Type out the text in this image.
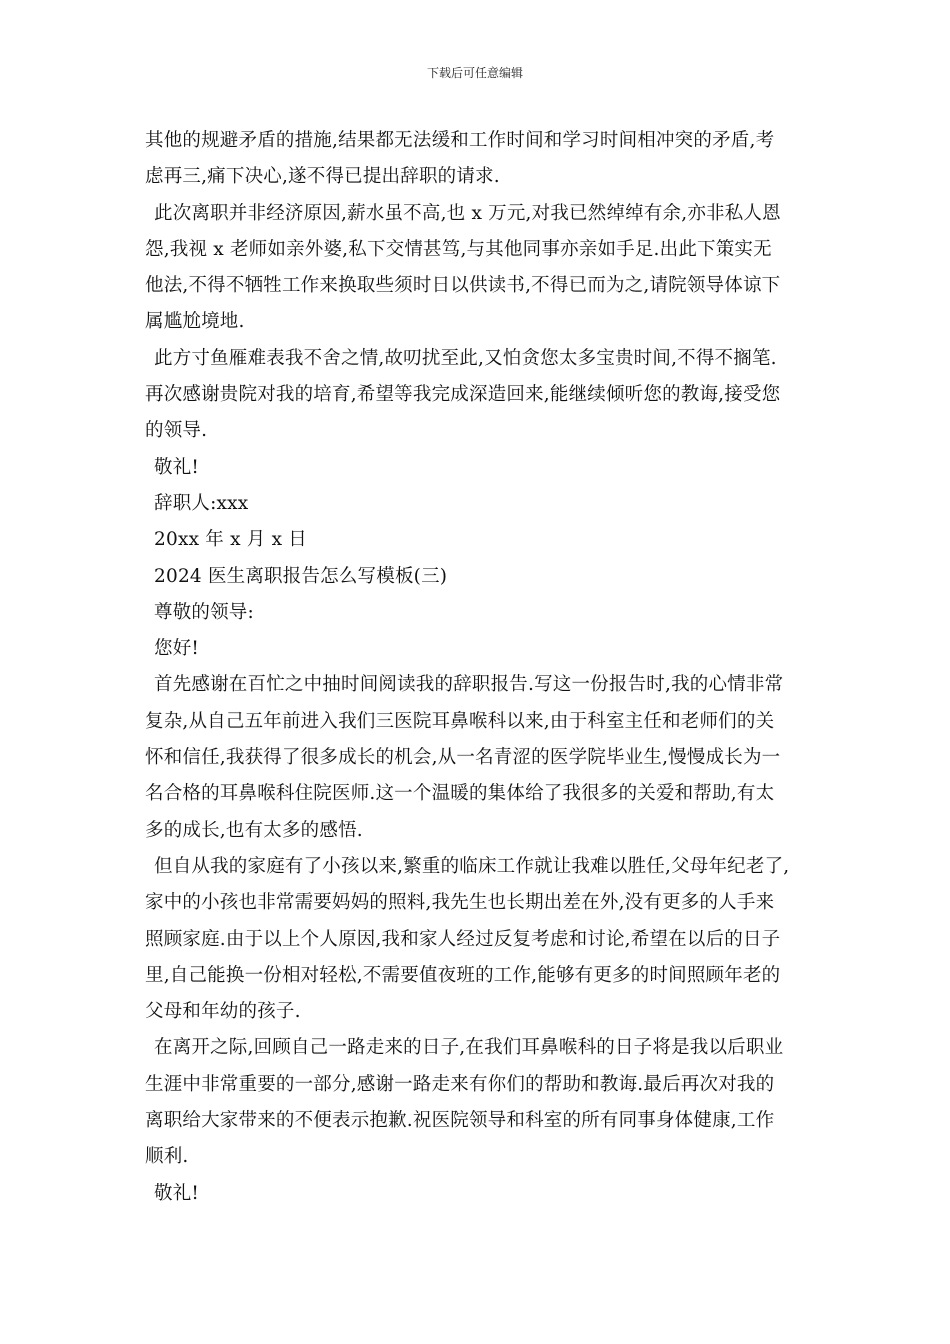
下载后可任意编辑
其他的规避矛盾的措施,结果都无法缓和工作时间和学习时间相冲突的矛盾,考
虑再三,痛下决心,遂不得已提出辞职的请求.
此次离职并非经济原因,薪水虽不高,也 x 万元,对我已然绰绰有余,亦非私人恩
怨,我视 x 老师如亲外婆,私下交情甚笃,与其他同事亦亲如手足.出此下策实无
他法,不得不牺牲工作来换取些须时日以供读书,不得已而为之,请院领导体谅下
属尴尬境地.
此方寸鱼雁难表我不舍之情,故叨扰至此,又怕贪您太多宝贵时间,不得不搁笔.
再次感谢贵院对我的培育,希望等我完成深造回来,能继续倾听您的教诲,接受您
的领导.
敬礼!
辞职人:xxx
20xx 年 x 月 x 日
2024 医生离职报告怎么写模板(三)
尊敬的领导:
您好!
首先感谢在百忙之中抽时间阅读我的辞职报告.写这一份报告时,我的心情非常
复杂,从自己五年前进入我们三医院耳鼻喉科以来,由于科室主任和老师们的关
怀和信任,我获得了很多成长的机会,从一名青涩的医学院毕业生,慢慢成长为一
名合格的耳鼻喉科住院医师.这一个温暖的集体给了我很多的关爱和帮助,有太
多的成长,也有太多的感悟.
但自从我的家庭有了小孩以来,繁重的临床工作就让我难以胜任,父母年纪老了,
家中的小孩也非常需要妈妈的照料,我先生也长期出差在外,没有更多的人手来
照顾家庭.由于以上个人原因,我和家人经过反复考虑和讨论,希望在以后的日子
里,自己能换一份相对轻松,不需要值夜班的工作,能够有更多的时间照顾年老的
父母和年幼的孩子.
在离开之际,回顾自己一路走来的日子,在我们耳鼻喉科的日子将是我以后职业
生涯中非常重要的一部分,感谢一路走来有你们的帮助和教诲.最后再次对我的
离职给大家带来的不便表示抱歉.祝医院领导和科室的所有同事身体健康,工作
顺利.
敬礼!
